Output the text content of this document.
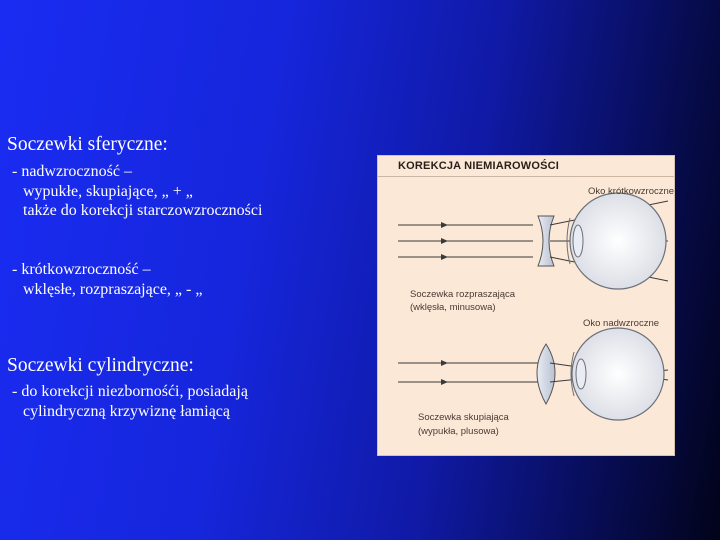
Soczewki sferyczne:
- nadwzroczność –
wypukłe, skupiające, „ + „
także do korekcji starczowzroczności
- krótkowzroczność –
wklęsłe, rozpraszające, „ - „
Soczewki cylindryczne:
- do korekcji niezbornośći, posiadają
cylindryczną krzywiznę łamiącą
KOREKCJA NIEMIAROWOŚCI
Oko krótkowzroczne
Soczewka rozpraszająca
(wklęsła, minusowa)
Oko nadwzroczne
Soczewka skupiająca
(wypukła, plusowa)
